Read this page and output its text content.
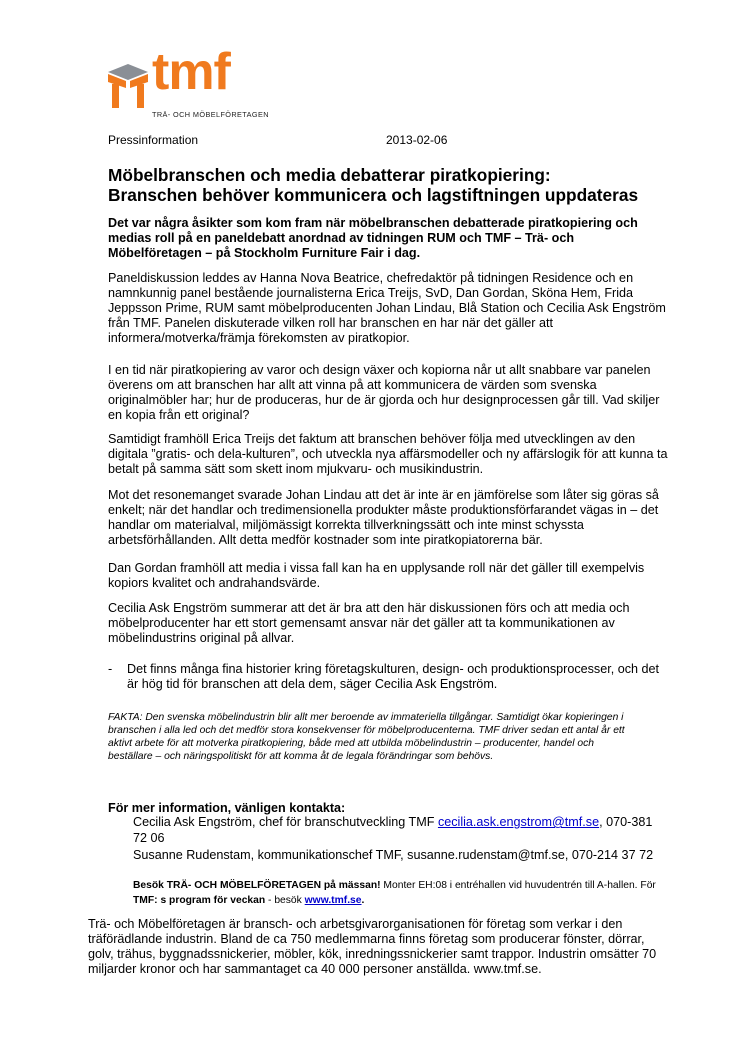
tmf
TRÄ- OCH MÖBELFÖRETAGEN
Pressinformation	2013-02-06
Möbelbranschen och media debatterar piratkopiering:
Branschen behöver kommunicera och lagstiftningen uppdateras

Det var några åsikter som kom fram när möbelbranschen debatterade piratkopiering och medias roll på en paneldebatt anordnad av tidningen RUM och TMF – Trä- och Möbelföretagen – på Stockholm Furniture Fair i dag.

Paneldiskussion leddes av Hanna Nova Beatrice, chefredaktör på tidningen Residence och en namnkunnig panel bestående journalisterna Erica Treijs, SvD, Dan Gordan, Sköna Hem, Frida Jeppsson Prime, RUM samt möbelproducenten Johan Lindau, Blå Station och Cecilia Ask Engström från TMF. Panelen diskuterade vilken roll har branschen en har när det gäller att informera/motverka/främja förekomsten av piratkopior.

I en tid när piratkopiering av varor och design växer och kopiorna når ut allt snabbare var panelen överens om att branschen har allt att vinna på att kommunicera de värden som svenska originalmöbler har; hur de produceras, hur de är gjorda och hur designprocessen går till. Vad skiljer en kopia från ett original?

Samtidigt framhöll Erica Treijs det faktum att branschen behöver följa med utvecklingen av den digitala ”gratis- och dela-kulturen”, och utveckla nya affärsmodeller och ny affärslogik för att kunna ta betalt på samma sätt som skett inom mjukvaru- och musikindustrin.

Mot det resonemanget svarade Johan Lindau att det är inte är en jämförelse som låter sig göras så enkelt; när det handlar och tredimensionella produkter måste produktionsförfarandet vägas in – det handlar om materialval, miljömässigt korrekta tillverkningssätt och inte minst schyssta arbetsförhållanden. Allt detta medför kostnader som inte piratkopiatorerna bär.

Dan Gordan framhöll att media i vissa fall kan ha en upplysande roll när det gäller till exempelvis kopiors kvalitet och andrahandsvärde.

Cecilia Ask Engström summerar att det är bra att den här diskussionen förs och att media och möbelproducenter har ett stort gemensamt ansvar när det gäller att ta kommunikationen av möbelindustrins original på allvar.

- Det finns många fina historier kring företagskulturen, design- och produktionsprocesser, och det är hög tid för branschen att dela dem, säger Cecilia Ask Engström.
FAKTA: Den svenska möbelindustrin blir allt mer beroende av immateriella tillgångar. Samtidigt ökar kopieringen i branschen i alla led och det medför stora konsekvenser för möbelproducenterna. TMF driver sedan ett antal år ett aktivt arbete för att motverka piratkopiering, både med att utbilda möbelindustrin – producenter, handel och beställare – och näringspolitiskt för att komma åt de legala förändringar som behövs.
För mer information, vänligen kontakta:
Cecilia Ask Engström, chef för branschutveckling TMF cecilia.ask.engstrom@tmf.se, 070-381 72 06
Susanne Rudenstam, kommunikationschef TMF, susanne.rudenstam@tmf.se, 070-214 37 72
Besök TRÄ- OCH MÖBELFÖRETAGEN på mässan! Monter EH:08 i entréhallen vid huvudentrén till A-hallen. För TMF: s program för veckan - besök www.tmf.se.
Trä- och Möbelföretagen är bransch- och arbetsgivarorganisationen för företag som verkar i den träförädlande industrin. Bland de ca 750 medlemmarna finns företag som producerar fönster, dörrar, golv, trähus, byggnadssnickerier, möbler, kök, inredningssnickerier samt trappor. Industrin omsätter 70 miljarder kronor och har sammantaget ca 40 000 personer anställda. www.tmf.se.
